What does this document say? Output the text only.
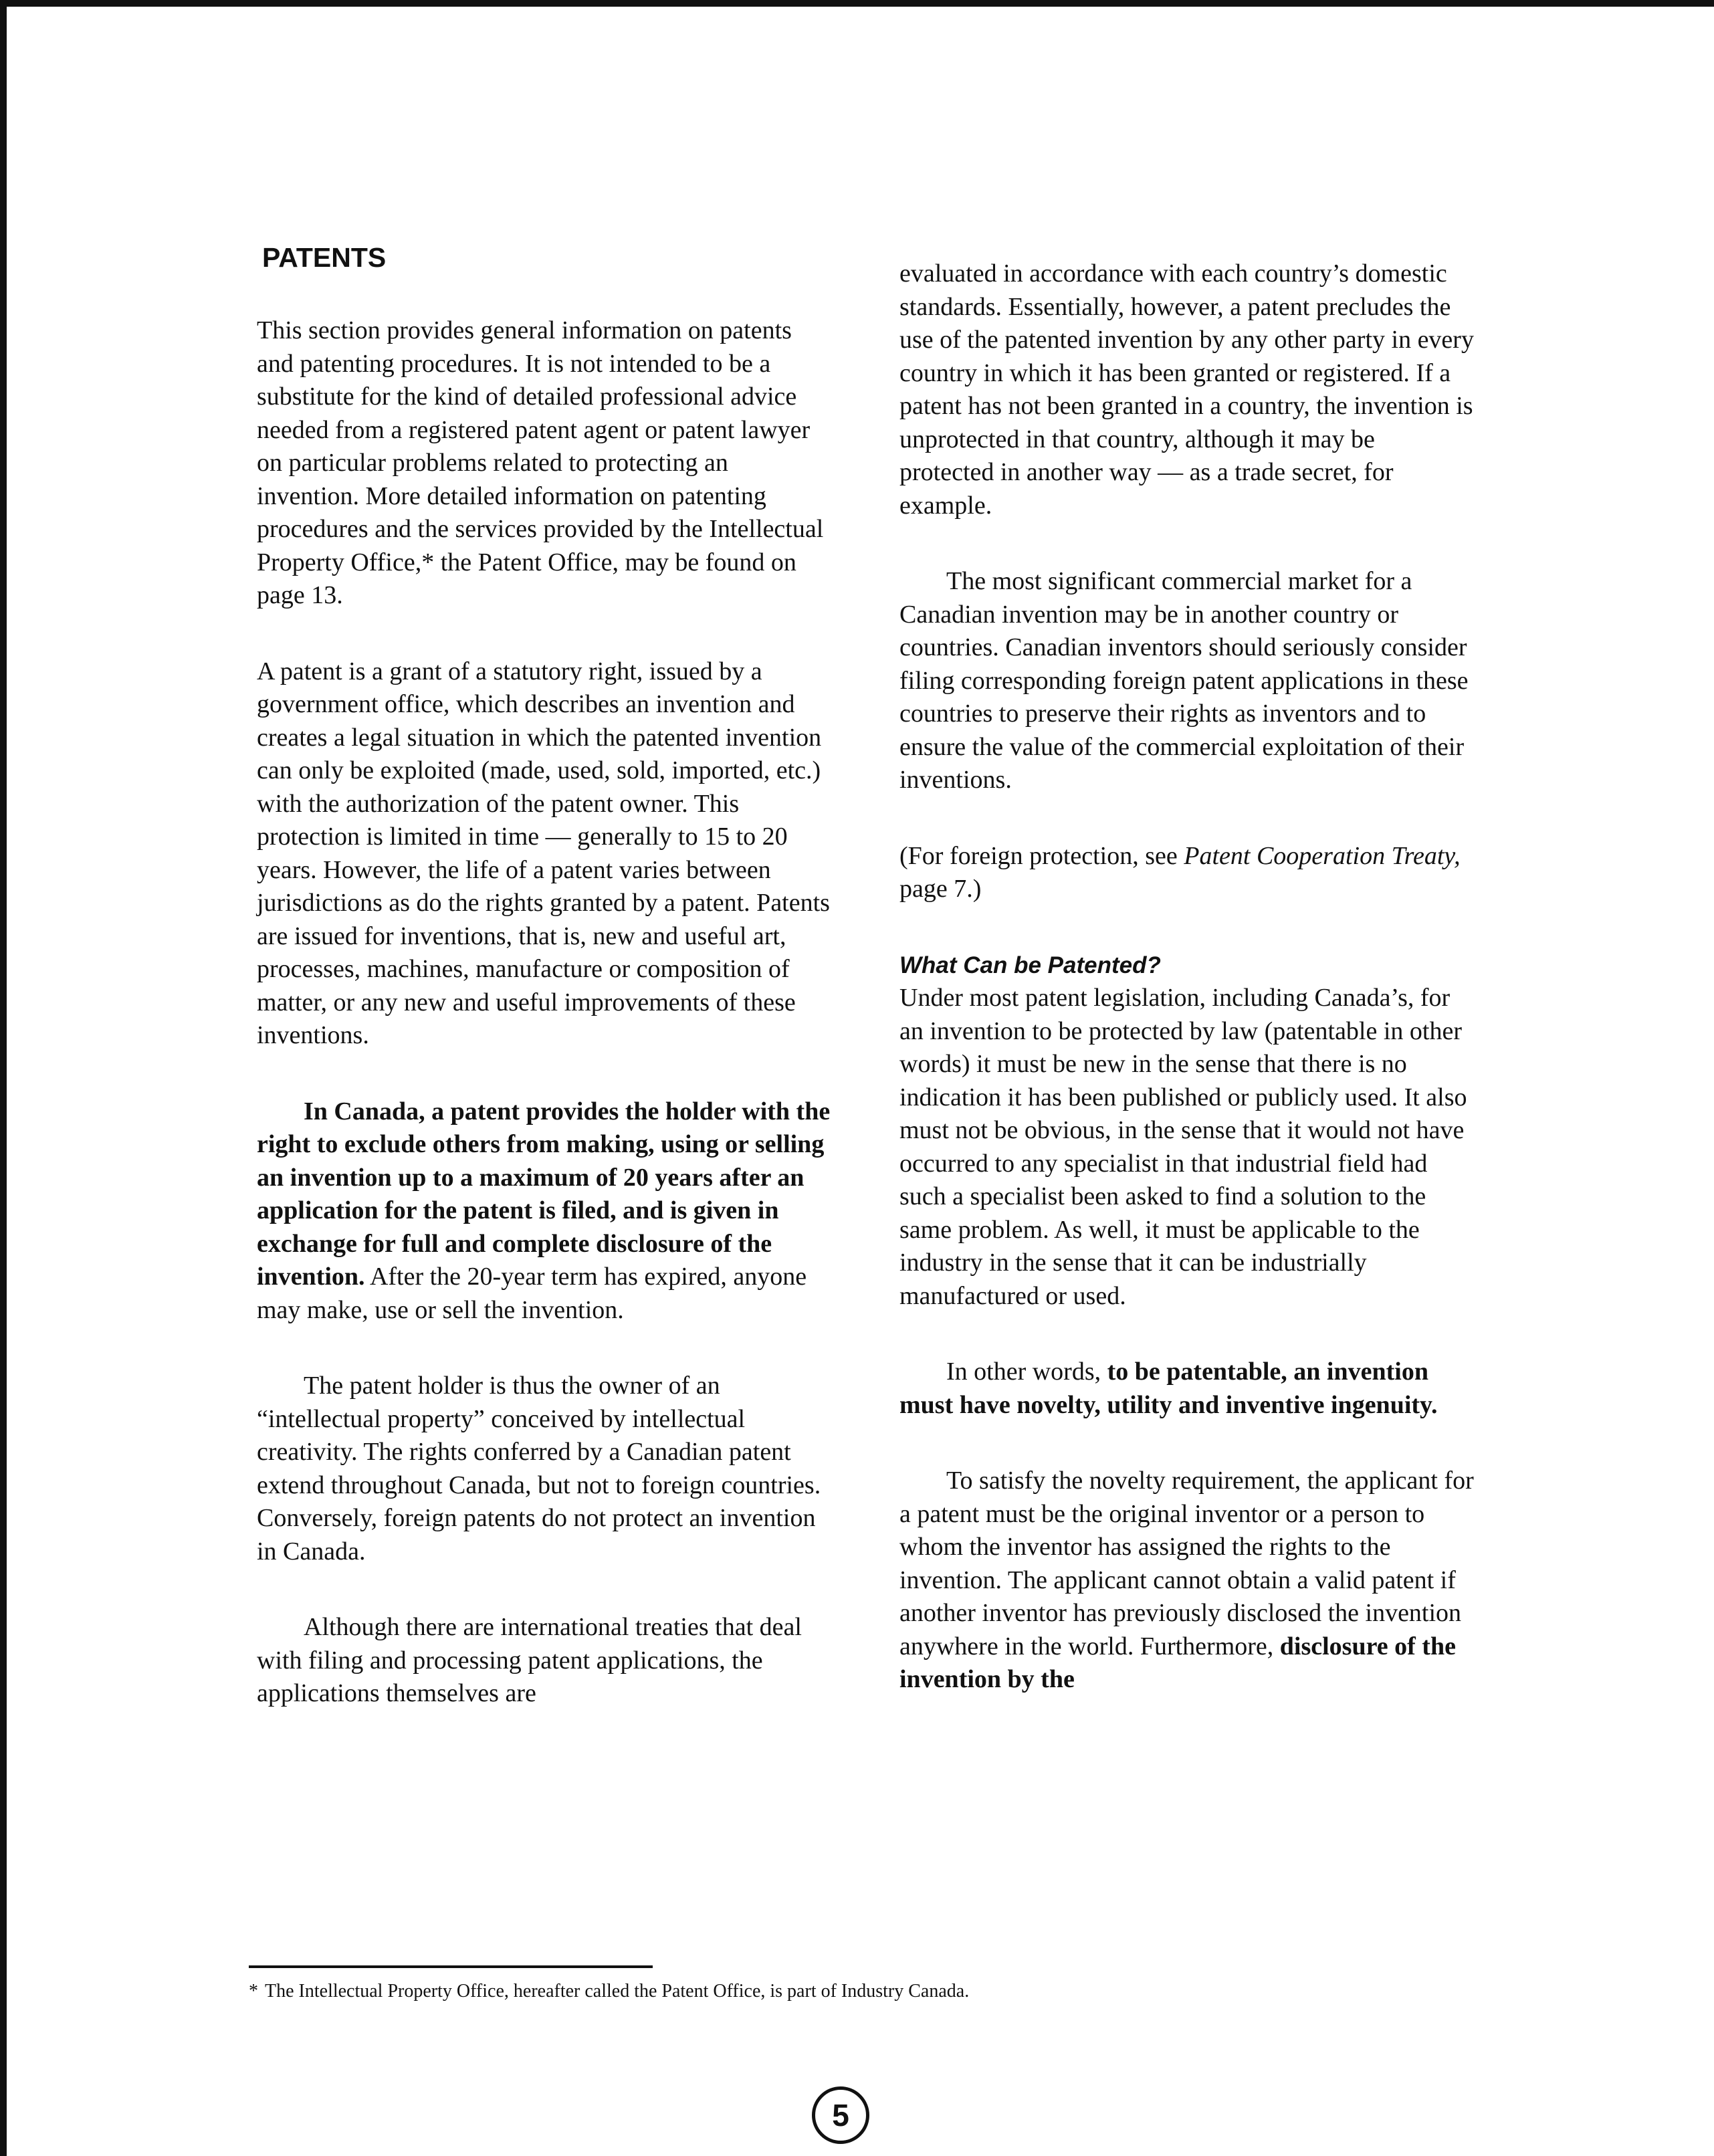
PATENTS

This section provides general information on patents and patenting procedures. It is not intended to be a substitute for the kind of detailed professional advice needed from a registered patent agent or patent lawyer on particular problems related to protecting an invention. More detailed information on patenting procedures and the services provided by the Intellectual Property Office,* the Patent Office, may be found on page 13.

A patent is a grant of a statutory right, issued by a government office, which describes an invention and creates a legal situation in which the patented invention can only be exploited (made, used, sold, imported, etc.) with the authorization of the patent owner. This protection is limited in time — generally to 15 to 20 years. However, the life of a patent varies between jurisdictions as do the rights granted by a patent. Patents are issued for inventions, that is, new and useful art, processes, machines, manufacture or composition of matter, or any new and useful improvements of these inventions.

In Canada, a patent provides the holder with the right to exclude others from making, using or selling an invention up to a maximum of 20 years after an application for the patent is filed, and is given in exchange for full and complete disclosure of the invention. After the 20-year term has expired, anyone may make, use or sell the invention.

The patent holder is thus the owner of an “intellectual property” conceived by intellectual creativity. The rights conferred by a Canadian patent extend throughout Canada, but not to foreign countries. Conversely, foreign patents do not protect an invention in Canada.

Although there are international treaties that deal with filing and processing patent applications, the applications themselves are

evaluated in accordance with each country’s domestic standards. Essentially, however, a patent precludes the use of the patented invention by any other party in every country in which it has been granted or registered. If a patent has not been granted in a country, the invention is unprotected in that country, although it may be protected in another way — as a trade secret, for example.

The most significant commercial market for a Canadian invention may be in another country or countries. Canadian inventors should seriously consider filing corresponding foreign patent applications in these countries to preserve their rights as inventors and to ensure the value of the commercial exploitation of their inventions.

(For foreign protection, see Patent Cooperation Treaty, page 7.)

What Can be Patented?

Under most patent legislation, including Canada’s, for an invention to be protected by law (patentable in other words) it must be new in the sense that there is no indication it has been published or publicly used. It also must not be obvious, in the sense that it would not have occurred to any specialist in that industrial field had such a specialist been asked to find a solution to the same problem. As well, it must be applicable to the industry in the sense that it can be industrially manufactured or used.

In other words, to be patentable, an invention must have novelty, utility and inventive ingenuity.

To satisfy the novelty requirement, the applicant for a patent must be the original inventor or a person to whom the inventor has assigned the rights to the invention. The applicant cannot obtain a valid patent if another inventor has previously disclosed the invention anywhere in the world. Furthermore, disclosure of the invention by the

* The Intellectual Property Office, hereafter called the Patent Office, is part of Industry Canada.
5
